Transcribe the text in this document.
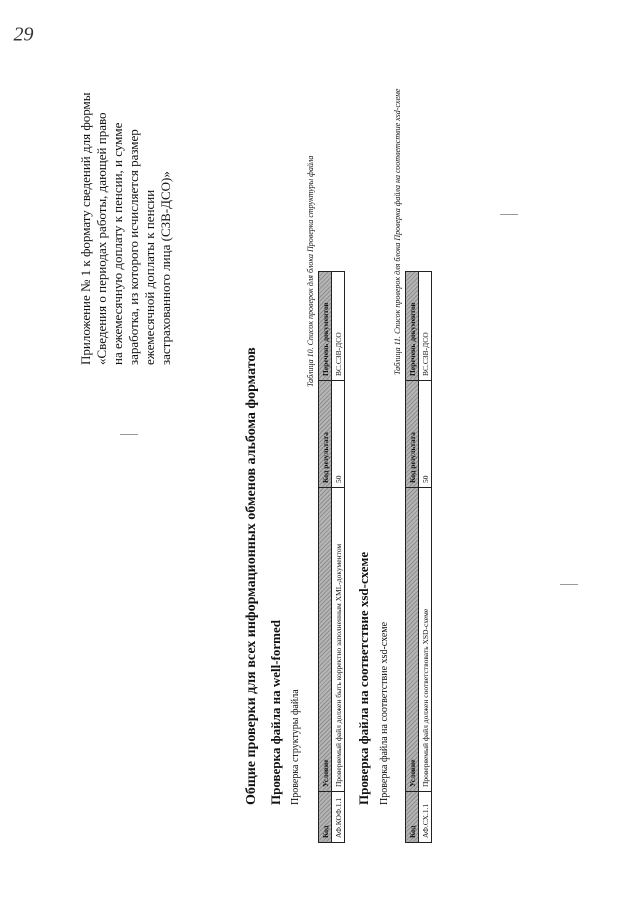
29
Приложение № 1 к формату сведений для формы «Сведения о периодах работы, дающей право на ежемесячную доплату к пенсии, и сумме заработка, из которого исчисляется размер ежемесячной доплаты к пенсии застрахованного лица (СЗВ-ДСО)»
Общие проверки для всех информационных обменов альбома форматов Проверка файла на well-formed Проверка структуры файла
Таблица 10. Список проверок для блока Проверка структуры файла
Код	Условие	Код результата	Перечень документов
АФ.КОФ.1.1	Проверяемый файл должен быть корректно заполненным XML-документом	50	ВС.СЗВ-ДСО
Проверка файла на соответствие xsd-схеме Проверка файла на соответствие xsd-схеме
Таблица 11. Список проверок для блока Проверка файла на соответствие xsd-схеме
Код	Условие	Код результата	Перечень документов
АФ.СХ.1.1	Проверяемый файл должен соответствовать XSD-схеме	50	ВС.СЗВ-ДСО
